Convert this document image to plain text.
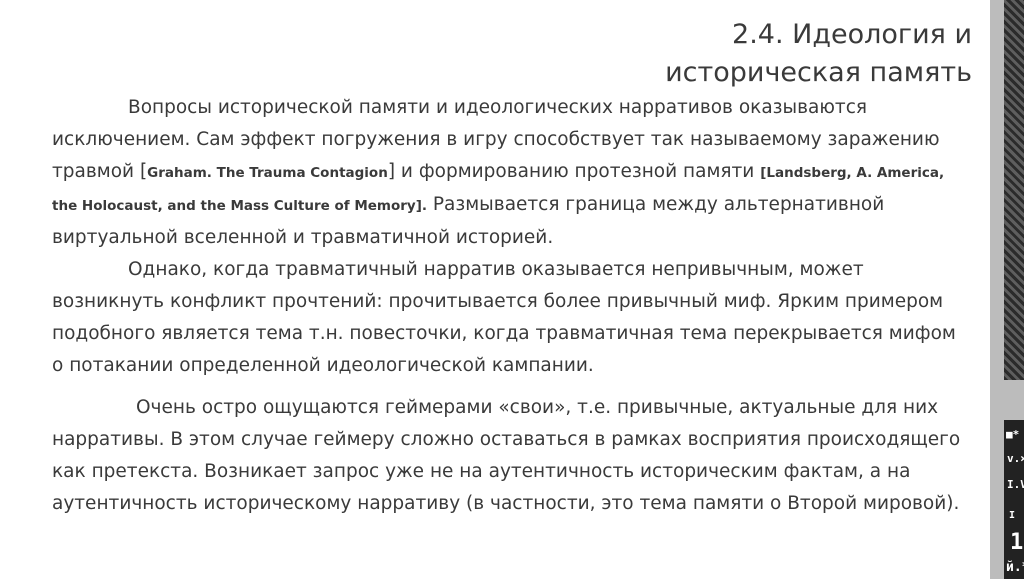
2.4. Идеология и
историческая память
Вопросы исторической памяти и идеологических нарративов оказываются исключением. Сам эффект погружения в игру способствует так называемому заражению травмой [Graham. The Trauma Contagion] и формированию протезной памяти [Landsberg, A. America, the Holocaust, and the Mass Culture of Memory]. Размывается граница между альтернативной виртуальной вселенной и травматичной историей.
Однако, когда травматичный нарратив оказывается непривычным, может возникнуть конфликт прочтений: прочитывается более привычный миф. Ярким примером подобного является тема т.н. повесточки, когда травматичная тема перекрывается мифом о потакании определенной идеологической кампании.
Очень остро ощущаются геймерами «свои», т.е. привычные, актуальные для них нарративы. В этом случае геймеру сложно оставаться в рамках восприятия происходящего как претекста. Возникает запрос уже не на аутентичность историческим фактам, а на аутентичность историческому нарративу (в частности, это тема памяти о Второй мировой).
■*
v.×
I.V
I
1
й.*
